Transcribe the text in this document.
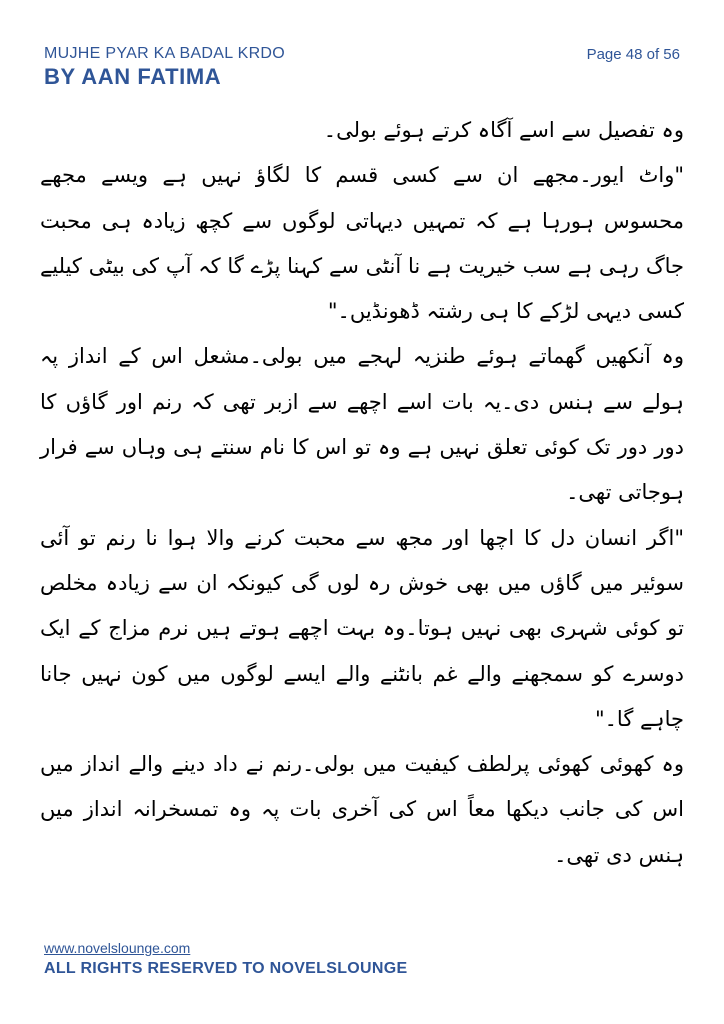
MUJHE PYAR KA BADAL KRDO
BY AAN FATIMA
Page 48 of 56

وہ تفصیل سے اسے آگاہ کرتے ہوئے بولی۔

"واٹ ایور۔مجھے ان سے کسی قسم کا لگاؤ نہیں ہے ویسے مجھے محسوس ہورہا ہے کہ تمہیں دیہاتی لوگوں سے کچھ زیادہ ہی محبت جاگ رہی ہے سب خیریت ہے نا آنٹی سے کہنا پڑے گا کہ آپ کی بیٹی کیلیے کسی دیہی لڑکے کا ہی رشتہ ڈھونڈیں۔"

وہ آنکھیں گھماتے ہوئے طنزیہ لہجے میں بولی۔مشعل اس کے انداز پہ ہولے سے ہنس دی۔یہ بات اسے اچھے سے ازبر تھی کہ رنم اور گاؤں کا دور دور تک کوئی تعلق نہیں ہے وہ تو اس کا نام سنتے ہی وہاں سے فرار ہوجاتی تھی۔

"اگر انسان دل کا اچھا اور مجھ سے محبت کرنے والا ہوا نا رنم تو آئی سوئیر میں گاؤں میں بھی خوش رہ لوں گی کیونکہ ان سے زیادہ مخلص تو کوئی شہری بھی نہیں ہوتا۔وہ بہت اچھے ہوتے ہیں نرم مزاج کے ایک دوسرے کو سمجھنے والے غم بانٹنے والے ایسے لوگوں میں کون نہیں جانا چاہے گا۔"

وہ کھوئی کھوئی پرلطف کیفیت میں بولی۔رنم نے داد دینے والے انداز میں اس کی جانب دیکھا معاً اس کی آخری بات پہ وہ تمسخرانہ انداز میں ہنس دی تھی۔

www.novelslounge.com
ALL RIGHTS RESERVED TO NOVELSLOUNGE
